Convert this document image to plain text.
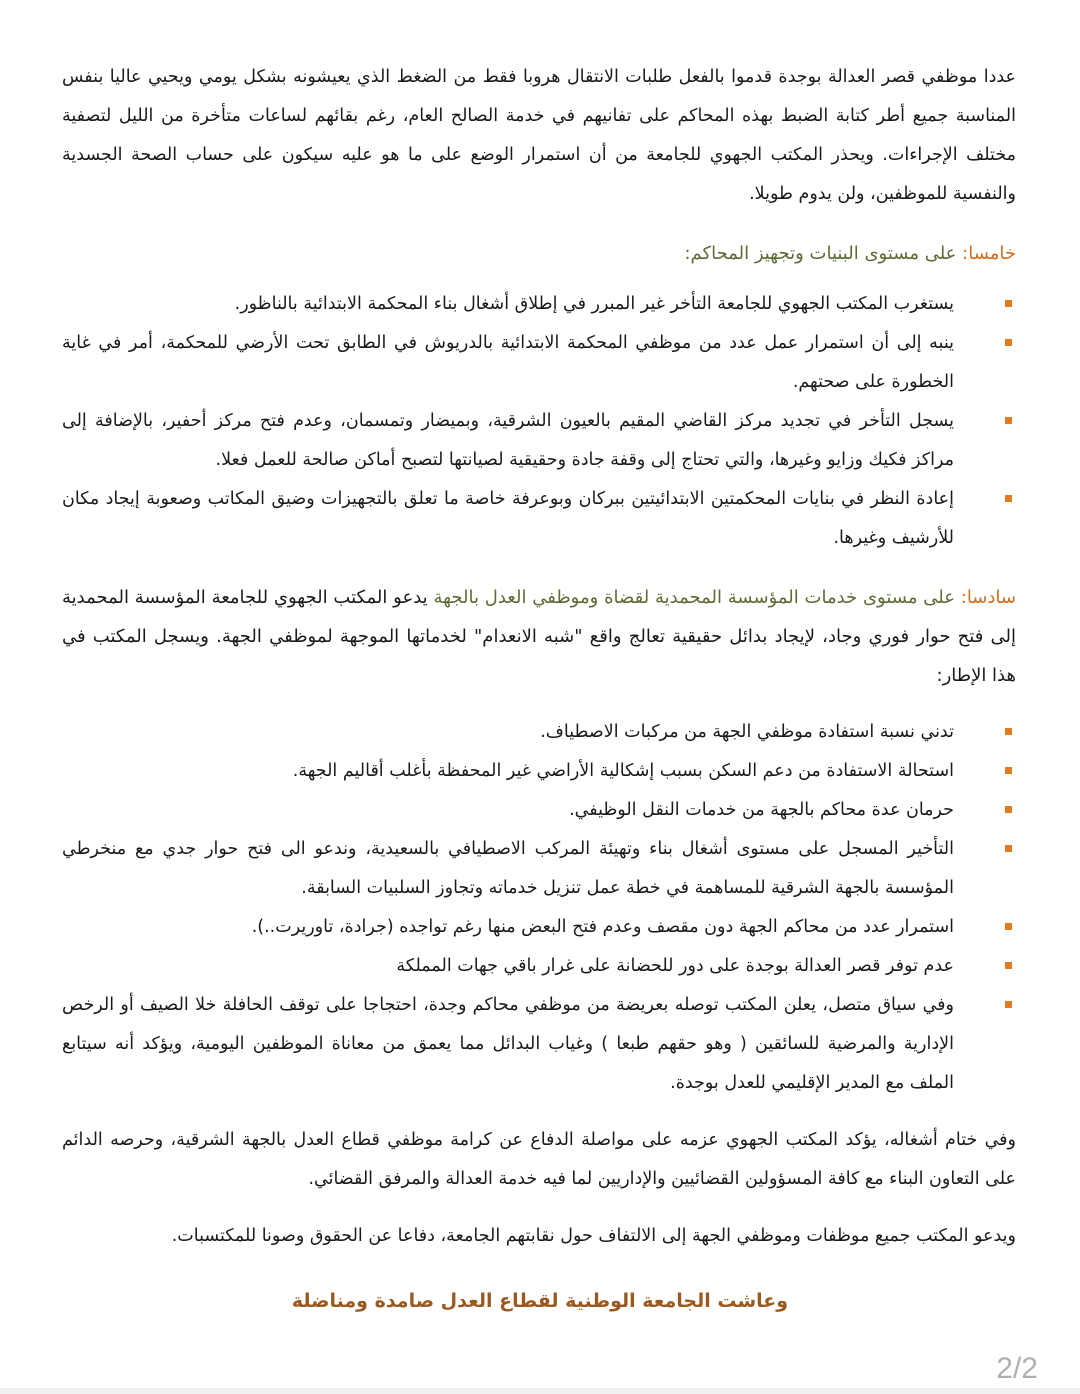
عددا موظفي قصر العدالة بوجدة قدموا بالفعل طلبات الانتقال هروبا فقط من الضغط الذي يعيشونه بشكل يومي ويحيي عاليا بنفس المناسبة جميع أطر كتابة الضبط بهذه المحاكم على تفانيهم في خدمة الصالح العام، رغم بقائهم لساعات متأخرة من الليل لتصفية مختلف الإجراءات. ويحذر المكتب الجهوي للجامعة من أن استمرار الوضع على ما هو عليه سيكون على حساب الصحة الجسدية والنفسية للموظفين، ولن يدوم طويلا.

خامسا: على مستوى البنيات وتجهيز المحاكم:
يستغرب المكتب الجهوي للجامعة التأخر غير المبرر في إطلاق أشغال بناء المحكمة الابتدائية بالناظور.
ينبه إلى أن استمرار عمل عدد من موظفي المحكمة الابتدائية بالدريوش في الطابق تحت الأرضي للمحكمة، أمر في غاية الخطورة على صحتهم.
يسجل التأخر في تجديد مركز القاضي المقيم بالعيون الشرقية، وبميضار وتمسمان، وعدم فتح مركز أحفير، بالإضافة إلى مراكز فكيك وزايو وغيرها، والتي تحتاج إلى وقفة جادة وحقيقية لصيانتها لتصبح أماكن صالحة للعمل فعلا.
إعادة النظر في بنايات المحكمتين الابتدائيتين ببركان وبوعرفة خاصة ما تعلق بالتجهيزات وضيق المكاتب وصعوبة إيجاد مكان للأرشيف وغيرها.
سادسا: على مستوى خدمات المؤسسة المحمدية لقضاة وموظفي العدل بالجهة يدعو المكتب الجهوي للجامعة المؤسسة المحمدية إلى فتح حوار فوري وجاد، لإيجاد بدائل حقيقية تعالج واقع "شبه الانعدام" لخدماتها الموجهة لموظفي الجهة. ويسجل المكتب في هذا الإطار:
تدني نسبة استفادة موظفي الجهة من مركبات الاصطياف.
استحالة الاستفادة من دعم السكن بسبب إشكالية الأراضي غير المحفظة بأغلب أقاليم الجهة.
حرمان عدة محاكم بالجهة من خدمات النقل الوظيفي.
التأخير المسجل على مستوى أشغال بناء وتهيئة المركب الاصطيافي بالسعيدية، وندعو الى فتح حوار جدي مع منخرطي المؤسسة بالجهة الشرقية للمساهمة في خطة عمل تنزيل خدماته وتجاوز السلبيات السابقة.
استمرار عدد من محاكم الجهة دون مقصف وعدم فتح البعض منها رغم تواجده (جرادة، تاوريرت..).
عدم توفر قصر العدالة بوجدة على دور للحضانة على غرار باقي جهات المملكة
وفي سياق متصل، يعلن المكتب توصله بعريضة من موظفي محاكم وجدة، احتجاجا على توقف الحافلة خلا الصيف أو الرخص الإدارية والمرضية للسائقين ( وهو حقهم طبعا ) وغياب البدائل مما يعمق من معاناة الموظفين اليومية، ويؤكد أنه سيتابع الملف مع المدير الإقليمي للعدل بوجدة.

وفي ختام أشغاله، يؤكد المكتب الجهوي عزمه على مواصلة الدفاع عن كرامة موظفي قطاع العدل بالجهة الشرقية، وحرصه الدائم على التعاون البناء مع كافة المسؤولين القضائيين والإداريين لما فيه خدمة العدالة والمرفق القضائي.

ويدعو المكتب جميع موظفات وموظفي الجهة إلى الالتفاف حول نقابتهم الجامعة، دفاعا عن الحقوق وصونا للمكتسبات.

وعاشت الجامعة الوطنية لقطاع العدل صامدة ومناضلة
2/2
